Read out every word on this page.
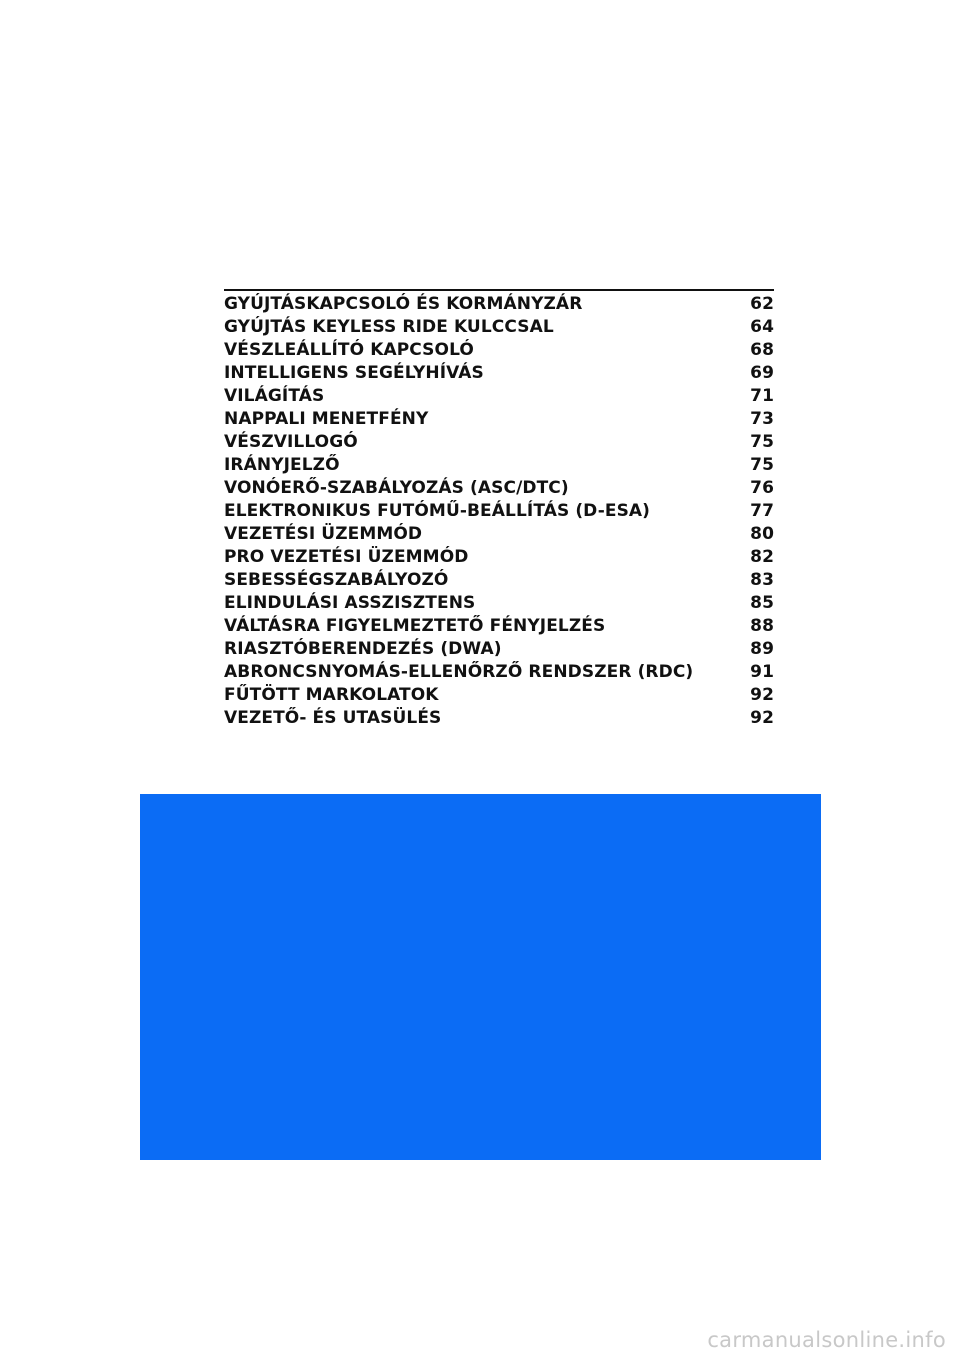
GYÚJTÁSKAPCSOLÓ ÉS KORMÁNYZÁR	62
GYÚJTÁS KEYLESS RIDE KULCCSAL	64
VÉSZLEÁLLÍTÓ KAPCSOLÓ	68
INTELLIGENS SEGÉLYHÍVÁS	69
VILÁGÍTÁS	71
NAPPALI MENETFÉNY	73
VÉSZVILLOGÓ	75
IRÁNYJELZŐ	75
VONÓERŐ-SZABÁLYOZÁS (ASC/DTC)	76
ELEKTRONIKUS FUTÓMŰ-BEÁLLÍTÁS (D-ESA)	77
VEZETÉSI ÜZEMMÓD	80
PRO VEZETÉSI ÜZEMMÓD	82
SEBESSÉGSZABÁLYOZÓ	83
ELINDULÁSI ASSZISZTENS	85
VÁLTÁSRA FIGYELMEZTETŐ FÉNYJELZÉS	88
RIASZTÓBERENDEZÉS (DWA)	89
ABRONCSNYOMÁS-ELLENŐRZŐ RENDSZER (RDC)	91
FŰTÖTT MARKOLATOK	92
VEZETŐ- ÉS UTASÜLÉS	92
carmanualsonline.info
